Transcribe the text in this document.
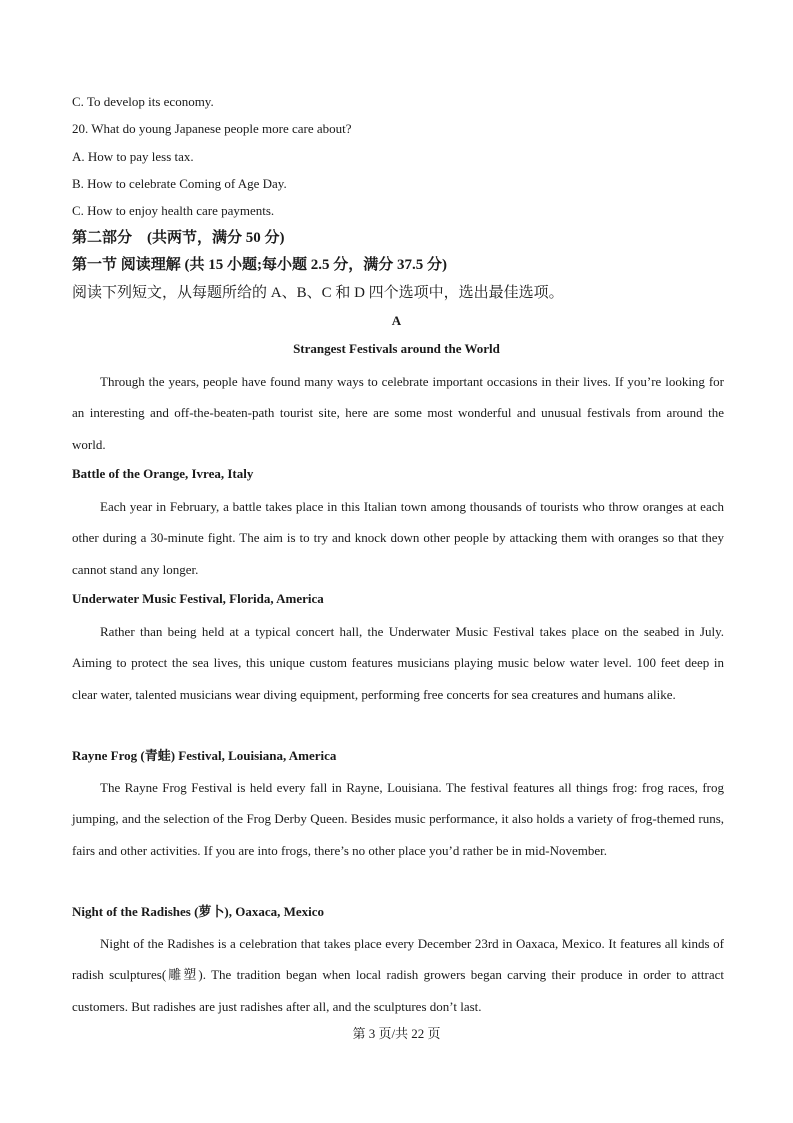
C. To develop its economy.
20. What do young Japanese people more care about?
A. How to pay less tax.
B. How to celebrate Coming of Age Day.
C. How to enjoy health care payments.
第二部分　(共两节，满分 50 分)
第一节 阅读理解 (共 15 小题;每小题 2.5 分，满分 37.5 分)
阅读下列短文，从每题所给的 A、B、C 和 D 四个选项中，选出最佳选项。
A
Strangest Festivals around the World
Through the years, people have found many ways to celebrate important occasions in their lives. If you’re looking for an interesting and off-the-beaten-path tourist site, here are some most wonderful and unusual festivals from around the world.
Battle of the Orange, Ivrea, Italy
Each year in February, a battle takes place in this Italian town among thousands of tourists who throw oranges at each other during a 30-minute fight. The aim is to try and knock down other people by attacking them with oranges so that they cannot stand any longer.
Underwater Music Festival, Florida, America
Rather than being held at a typical concert hall, the Underwater Music Festival takes place on the seabed in July. Aiming to protect the sea lives, this unique custom features musicians playing music below water level. 100 feet deep in clear water, talented musicians wear diving equipment, performing free concerts for sea creatures and humans alike.
Rayne Frog (青蛙) Festival, Louisiana, America
The Rayne Frog Festival is held every fall in Rayne, Louisiana. The festival features all things frog: frog races, frog jumping, and the selection of the Frog Derby Queen. Besides music performance, it also holds a variety of frog-themed runs, fairs and other activities. If you are into frogs, there’s no other place you’d rather be in mid-November.
Night of the Radishes (萝卜), Oaxaca, Mexico
Night of the Radishes is a celebration that takes place every December 23rd in Oaxaca, Mexico. It features all kinds of radish sculptures(雕塑). The tradition began when local radish growers began carving their produce in order to attract customers. But radishes are just radishes after all, and the sculptures don’t last.
第 3 页/共 22 页
